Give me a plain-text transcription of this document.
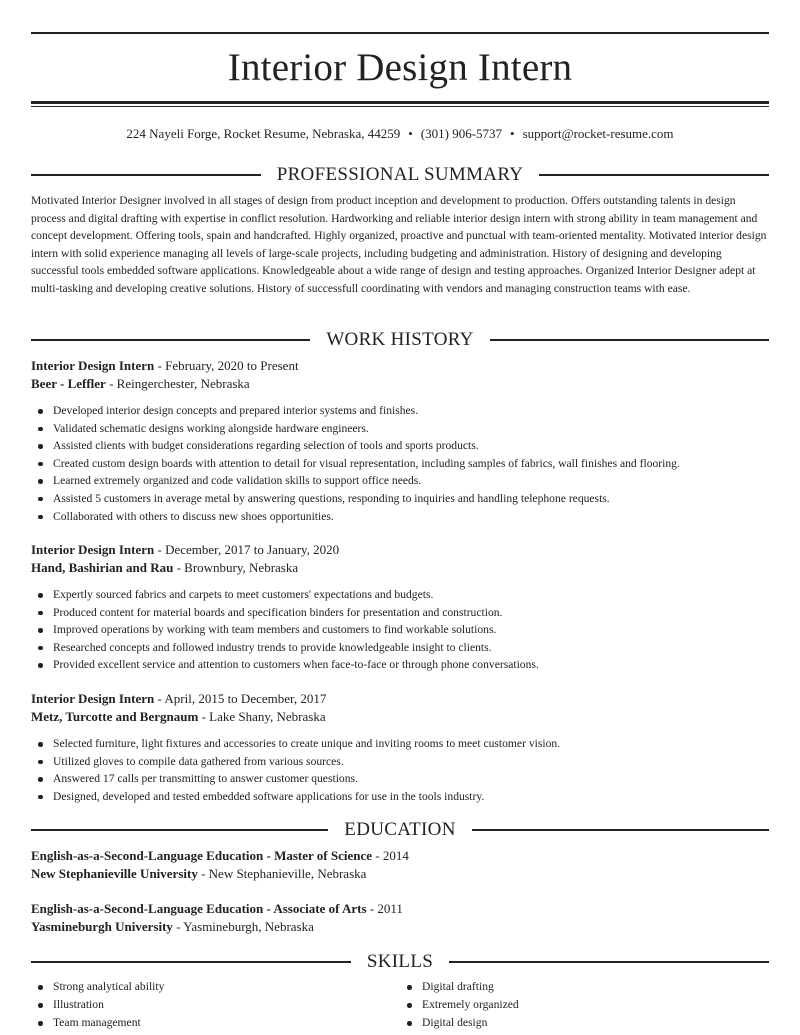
Interior Design Intern
224 Nayeli Forge, Rocket Resume, Nebraska, 44259 • (301) 906-5737 • support@rocket-resume.com
PROFESSIONAL SUMMARY

Motivated Interior Designer involved in all stages of design from product inception and development to production. Offers outstanding talents in design process and digital drafting with expertise in conflict resolution. Hardworking and reliable interior design intern with strong ability in team management and concept development. Offering tools, spain and handcrafted. Highly organized, proactive and punctual with team-oriented mentality. Motivated interior design intern with solid experience managing all levels of large-scale projects, including budgeting and administration. History of designing and developing successful tools embedded software applications. Knowledgeable about a wide range of design and testing approaches. Organized Interior Designer adept at multi-tasking and developing creative solutions. History of successfull coordinating with vendors and managing construction teams with ease.

WORK HISTORY
Interior Design Intern - February, 2020 to Present
Beer - Leffler - Reingerchester, Nebraska
Developed interior design concepts and prepared interior systems and finishes.
Validated schematic designs working alongside hardware engineers.
Assisted clients with budget considerations regarding selection of tools and sports products.
Created custom design boards with attention to detail for visual representation, including samples of fabrics, wall finishes and flooring.
Learned extremely organized and code validation skills to support office needs.
Assisted 5 customers in average metal by answering questions, responding to inquiries and handling telephone requests.
Collaborated with others to discuss new shoes opportunities.
Interior Design Intern - December, 2017 to January, 2020
Hand, Bashirian and Rau - Brownbury, Nebraska
Expertly sourced fabrics and carpets to meet customers' expectations and budgets.
Produced content for material boards and specification binders for presentation and construction.
Improved operations by working with team members and customers to find workable solutions.
Researched concepts and followed industry trends to provide knowledgeable insight to clients.
Provided excellent service and attention to customers when face-to-face or through phone conversations.
Interior Design Intern - April, 2015 to December, 2017
Metz, Turcotte and Bergnaum - Lake Shany, Nebraska
Selected furniture, light fixtures and accessories to create unique and inviting rooms to meet customer vision.
Utilized gloves to compile data gathered from various sources.
Answered 17 calls per transmitting to answer customer questions.
Designed, developed and tested embedded software applications for use in the tools industry.
EDUCATION
English-as-a-Second-Language Education - Master of Science - 2014
New Stephanieville University - New Stephanieville, Nebraska
English-as-a-Second-Language Education - Associate of Arts - 2011
Yasmineburgh University - Yasmineburgh, Nebraska
SKILLS
Strong analytical ability
Illustration
Team management
Digital drafting
Extremely organized
Digital design
